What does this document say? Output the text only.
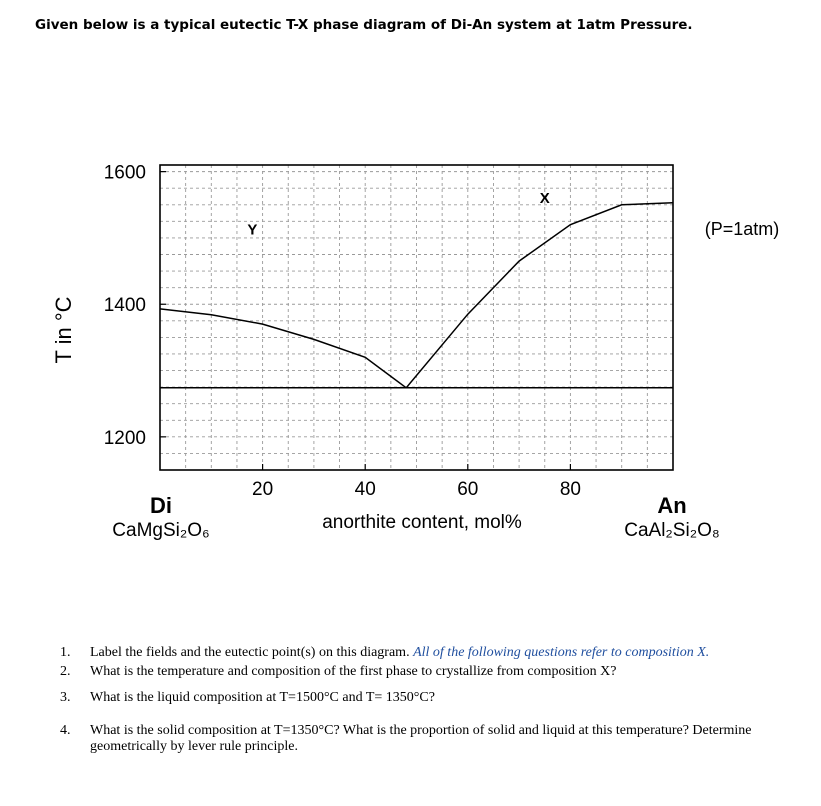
Given below is a typical eutectic T-X phase diagram of Di-An system at 1atm Pressure.
20	40	60	80
1600
1400
1200
Y
X
T in °C
anorthite content, mol%
(P=1atm)
Di
CaMgSi₂O₆
An
CaAl₂Si₂O₈
1. Label the fields and the eutectic point(s) on this diagram. All of the following questions refer to composition X.
2. What is the temperature and composition of the first phase to crystallize from composition X?
3. What is the liquid composition at T=1500°C and T= 1350°C?
4. What is the solid composition at T=1350°C? What is the proportion of solid and liquid at this temperature? Determine geometrically by lever rule principle.
